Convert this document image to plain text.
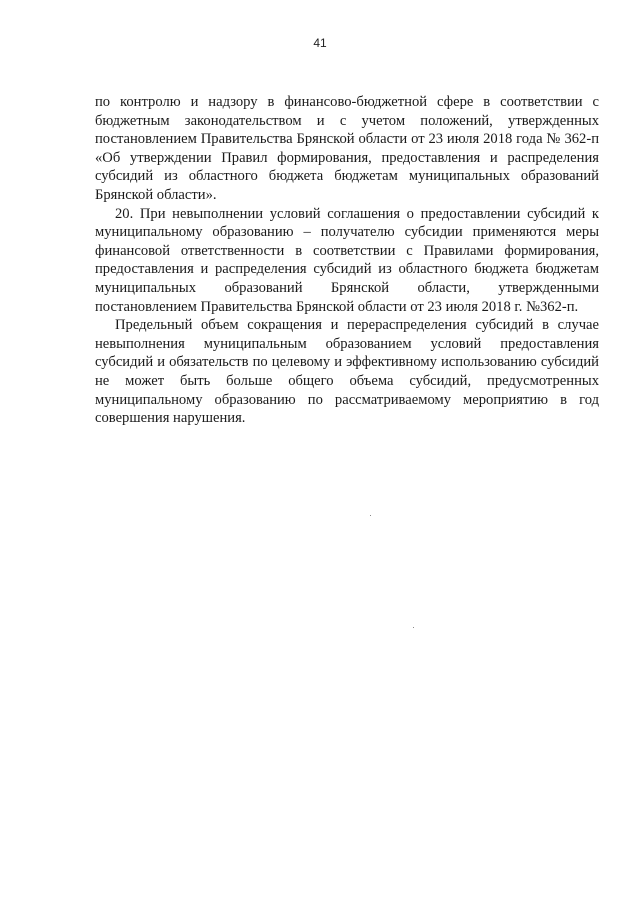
41

по контролю и надзору в финансово-бюджетной сфере в соответствии с бюджетным законодательством и с учетом положений, утвержденных постановлением Правительства Брянской области от 23 июля 2018 года № 362-п «Об утверждении Правил формирования, предоставления и распределения субсидий из областного бюджета бюджетам муниципальных образований Брянской области».

20. При невыполнении условий соглашения о предоставлении субсидий к муниципальному образованию – получателю субсидии применяются меры финансовой ответственности в соответствии с Правилами формирования, предоставления и распределения субсидий из областного бюджета бюджетам муниципальных образований Брянской области, утвержденными постановлением Правительства Брянской области от 23 июля 2018 г. №362-п.

Предельный объем сокращения и перераспределения субсидий в случае невыполнения муниципальным образованием условий предоставления субсидий и обязательств по целевому и эффективному использованию субсидий не может быть больше общего объема субсидий, предусмотренных муниципальному образованию по рассматриваемому мероприятию в год совершения нарушения.
